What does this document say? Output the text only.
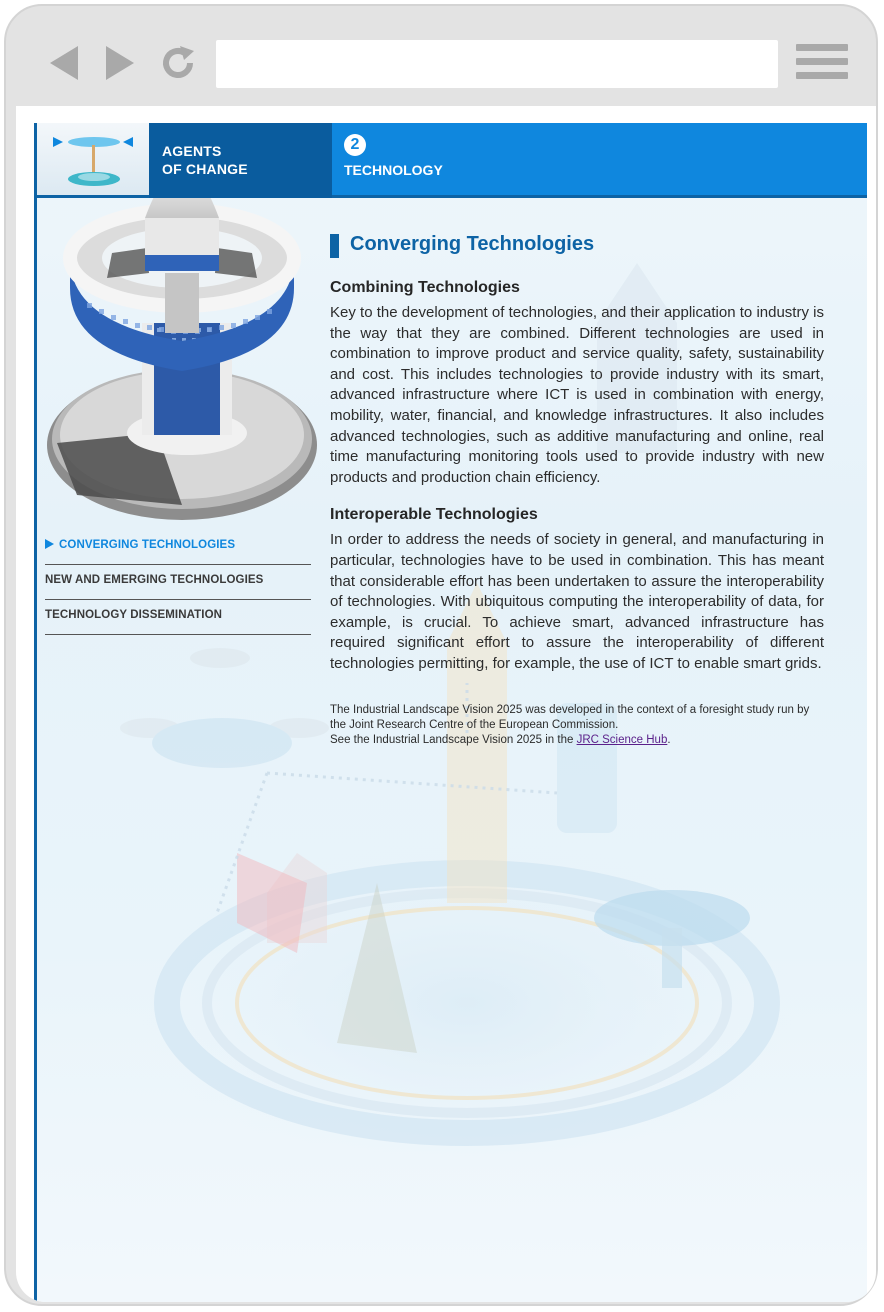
AGENTS
OF CHANGE
2
TECHNOLOGY
CONVERGING TECHNOLOGIES
NEW AND EMERGING TECHNOLOGIES
TECHNOLOGY DISSEMINATION
Converging Technologies
Combining Technologies

Key to the development of technologies, and their application to industry is the way that they are combined. Different technologies are used in combination to improve product and service quality, safety, sustainability and cost. This includes technologies to provide industry with its smart, advanced infrastructure where ICT is used in combination with energy, mobility, water, financial, and knowledge infrastructures. It also includes advanced technologies, such as additive manufacturing and online, real time manufacturing monitoring tools used to provide industry with new products and production chain efficiency.

Interoperable Technologies

In order to address the needs of society in general, and manufacturing in particular, technologies have to be used in combination. This has meant that considerable effort has been undertaken to assure the interoperability of technologies. With ubiquitous computing the interoperability of data, for example, is crucial. To achieve smart, advanced infrastructure has required significant effort to assure the interoperability of different technologies permitting, for example, the use of ICT to enable smart grids.

The Industrial Landscape Vision 2025 was developed in the context of a foresight study run by the Joint Research Centre of the European Commission.
See the Industrial Landscape Vision 2025 in the JRC Science Hub.
